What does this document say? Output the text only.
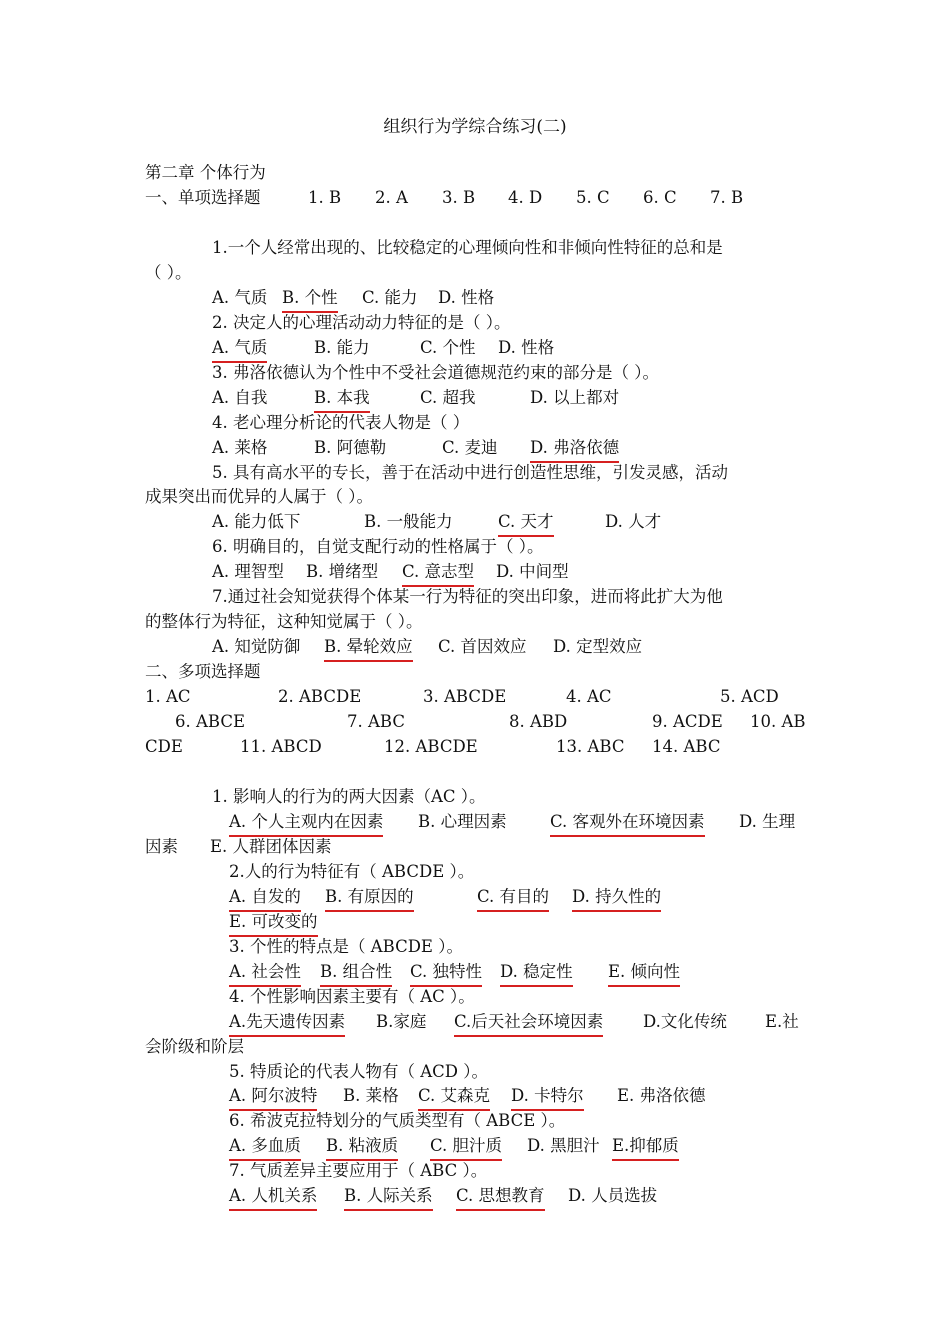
组织行为学综合练习(二)
第二章 个体行为
一、单项选择题	1. B 2. A 3. B 4. D 5. C 6. C 7. B
1.一个人经常出现的、比较稳定的心理倾向性和非倾向性特征的总和是
（ ）。
A. 气质 B. 个性 C. 能力 D. 性格
2. 决定人的心理活动动力特征的是（ ）。
A. 气质	B. 能力	C. 个性 D. 性格
3. 弗洛依德认为个性中不受社会道德规范约束的部分是（ ）。
A. 自我	B. 本我	C. 超我	D. 以上都对
4. 老心理分析论的代表人物是（ ）
A. 莱格	B. 阿德勒	C. 麦迪 D. 弗洛依德
5. 具有高水平的专长，善于在活动中进行创造性思维，引发灵感，活动
成果突出而优异的人属于（ ）。
A. 能力低下	B. 一般能力	C. 天才	D. 人才
6. 明确目的，自觉支配行动的性格属于（ ）。
A. 理智型 B. 增绪型 C. 意志型 D. 中间型
7.通过社会知觉获得个体某一行为特征的突出印象，进而将此扩大为他
的整体行为特征，这种知觉属于（ ）。
A. 知觉防御 B. 晕轮效应 C. 首因效应 D. 定型效应
二、多项选择题
1. AC	2. ABCDE	3. ABCDE	4. AC	5. ACD
6. ABCE	7. ABC	8. ABD	9. ACDE 10. AB
CDE	11. ABCD	12. ABCDE	13. ABC 14. ABC
1. 影响人的行为的两大因素（AC ）。
A. 个人主观内在因素 B. 心理因素	C. 客观外在环境因素 D. 生理
因素 E. 人群团体因素
2.人的行为特征有（ ABCDE ）。
A. 自发的 B. 有原因的	C. 有目的 D. 持久性的
E. 可改变的
3. 个性的特点是（ ABCDE ）。
A. 社会性 B. 组合性 C. 独特性 D. 稳定性 E. 倾向性
4. 个性影响因素主要有（ AC ）。
A.先天遗传因素 B.家庭 C.后天社会环境因素 D.文化传统 E.社
会阶级和阶层
5. 特质论的代表人物有（ ACD ）。
A. 阿尔波特 B. 莱格 C. 艾森克 D. 卡特尔 E. 弗洛依德
6. 希波克拉特划分的气质类型有（ ABCE ）。
A. 多血质 B. 粘液质 C. 胆汁质 D. 黑胆汁 E.抑郁质
7. 气质差异主要应用于（ ABC ）。
A. 人机关系 B. 人际关系 C. 思想教育 D. 人员选拔
